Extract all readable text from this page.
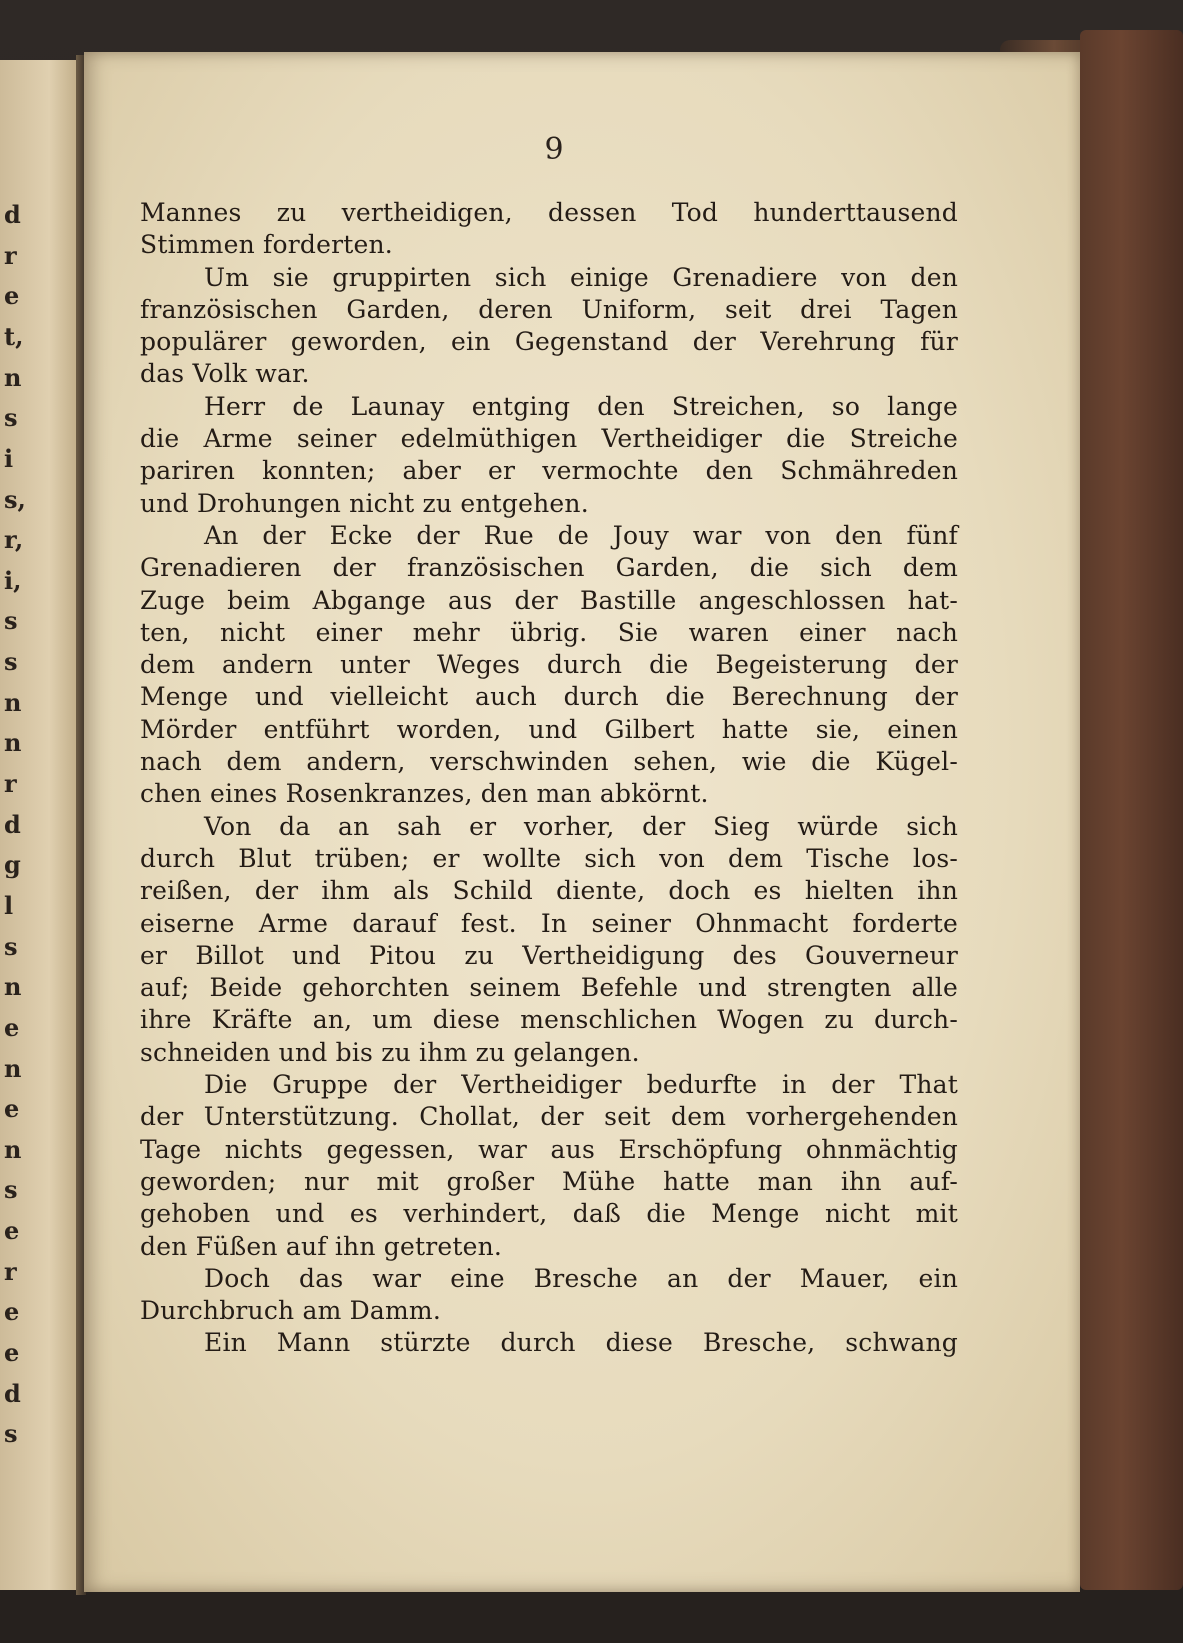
d
r
e
t,
n
s
i
s,
r,
i,
s
s
n
n
r
d
g
l
s
n
e
n
e
n
s
e
r
e
e
d
s
9
Mannes zu vertheidigen, dessen Tod hunderttausend
Stimmen forderten.
Um sie gruppirten sich einige Grenadiere von den
französischen Garden, deren Uniform, seit drei Tagen
populärer geworden, ein Gegenstand der Verehrung für
das Volk war.
Herr de Launay entging den Streichen, so lange
die Arme seiner edelmüthigen Vertheidiger die Streiche
pariren konnten; aber er vermochte den Schmähreden
und Drohungen nicht zu entgehen.
An der Ecke der Rue de Jouy war von den fünf
Grenadieren der französischen Garden, die sich dem
Zuge beim Abgange aus der Bastille angeschlossen hat-
ten, nicht einer mehr übrig. Sie waren einer nach
dem andern unter Weges durch die Begeisterung der
Menge und vielleicht auch durch die Berechnung der
Mörder entführt worden, und Gilbert hatte sie, einen
nach dem andern, verschwinden sehen, wie die Kügel-
chen eines Rosenkranzes, den man abkörnt.
Von da an sah er vorher, der Sieg würde sich
durch Blut trüben; er wollte sich von dem Tische los-
reißen, der ihm als Schild diente, doch es hielten ihn
eiserne Arme darauf fest. In seiner Ohnmacht forderte
er Billot und Pitou zu Vertheidigung des Gouverneur
auf; Beide gehorchten seinem Befehle und strengten alle
ihre Kräfte an, um diese menschlichen Wogen zu durch-
schneiden und bis zu ihm zu gelangen.
Die Gruppe der Vertheidiger bedurfte in der That
der Unterstützung. Chollat, der seit dem vorhergehenden
Tage nichts gegessen, war aus Erschöpfung ohnmächtig
geworden; nur mit großer Mühe hatte man ihn auf-
gehoben und es verhindert, daß die Menge nicht mit
den Füßen auf ihn getreten.
Doch das war eine Bresche an der Mauer, ein
Durchbruch am Damm.
Ein Mann stürzte durch diese Bresche, schwang
